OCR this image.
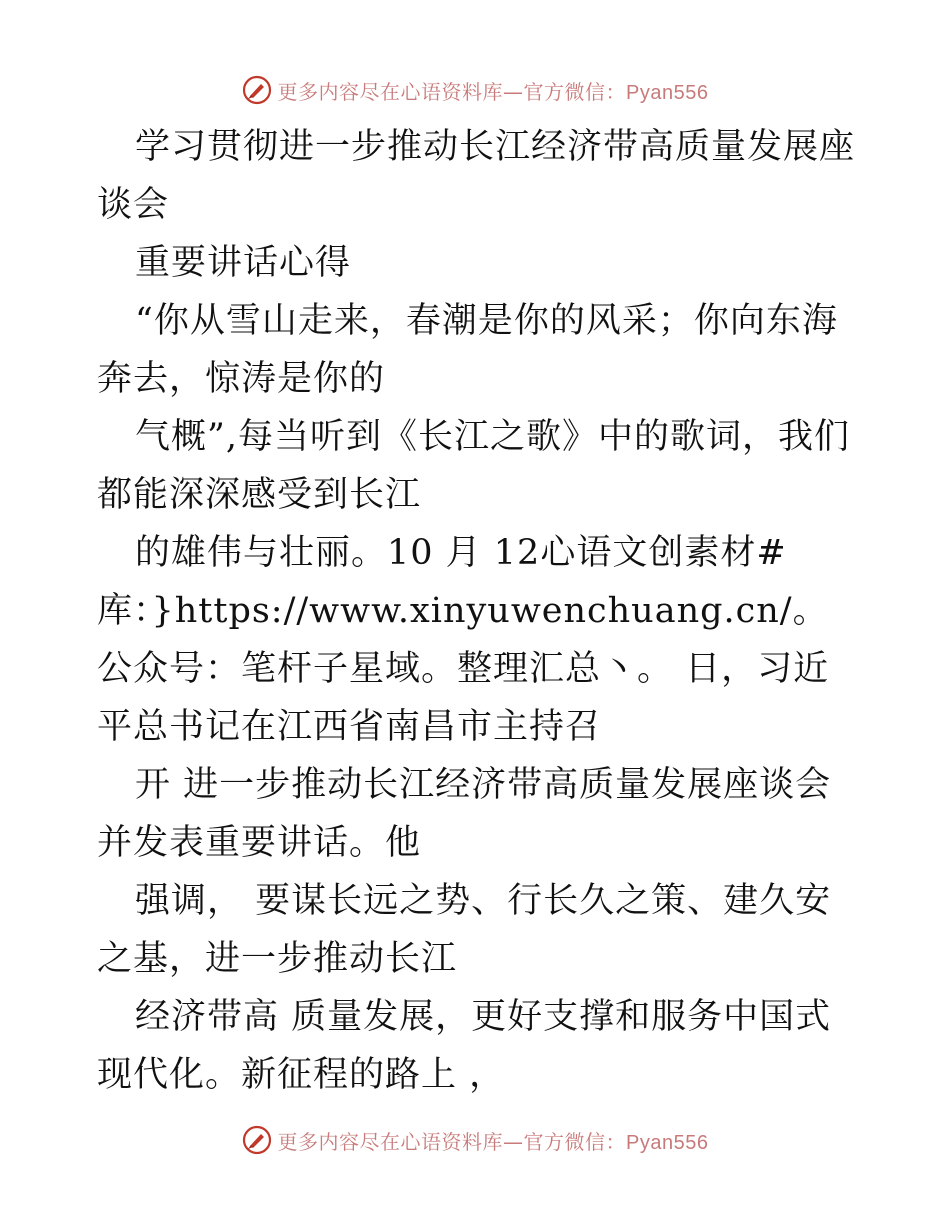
更多内容尽在心语资料库—官方微信：Pyan556

学习贯彻进一步推动长江经济带高质量发展座谈会

重要讲话心得

“你从雪山走来，春潮是你的风采；你向东海奔去，惊涛是你的

气概”,每当听到《长江之歌》中的歌词，我们都能深深感受到长江

的雄伟与壮丽。10 月 12心语文创素材#库：}https://www.xinyuwenchuang.cn/。公众号：笔杆子星域。整理汇总丶。 日，习近平总书记在江西省南昌市主持召

开 进一步推动长江经济带高质量发展座谈会并发表重要讲话。他

强调， 要谋长远之势、行长久之策、建久安之基，进一步推动长江

经济带高 质量发展，更好支撑和服务中国式现代化。新征程的路上 ，

更多内容尽在心语资料库—官方微信：Pyan556
